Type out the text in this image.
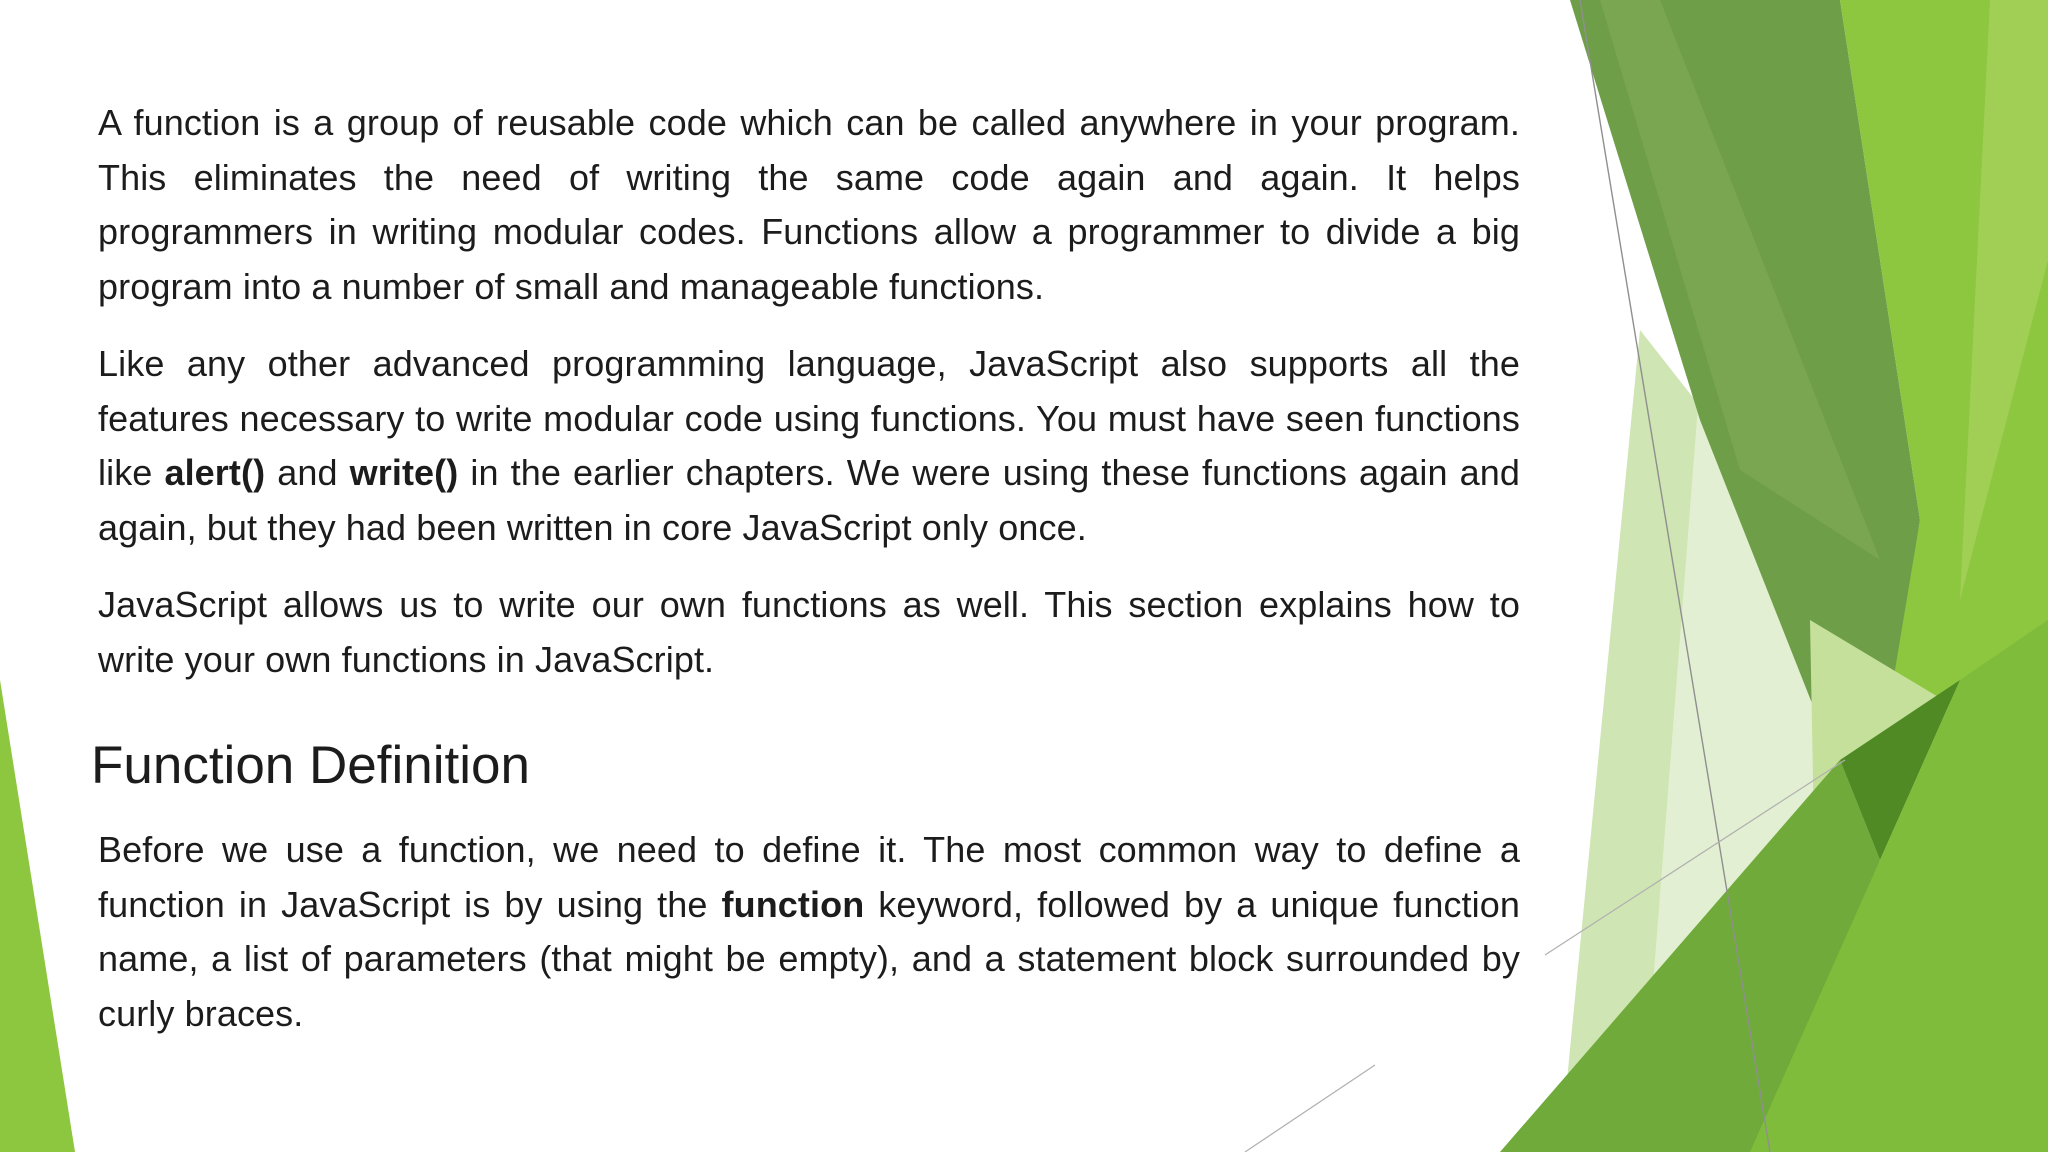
A function is a group of reusable code which can be called anywhere in your program. This eliminates the need of writing the same code again and again. It helps programmers in writing modular codes. Functions allow a programmer to divide a big program into a number of small and manageable functions.

Like any other advanced programming language, JavaScript also supports all the features necessary to write modular code using functions. You must have seen functions like alert() and write() in the earlier chapters. We were using these functions again and again, but they had been written in core JavaScript only once.

JavaScript allows us to write our own functions as well. This section explains how to write your own functions in JavaScript.

Function Definition

Before we use a function, we need to define it. The most common way to define a function in JavaScript is by using the function keyword, followed by a unique function name, a list of parameters (that might be empty), and a statement block surrounded by curly braces.
